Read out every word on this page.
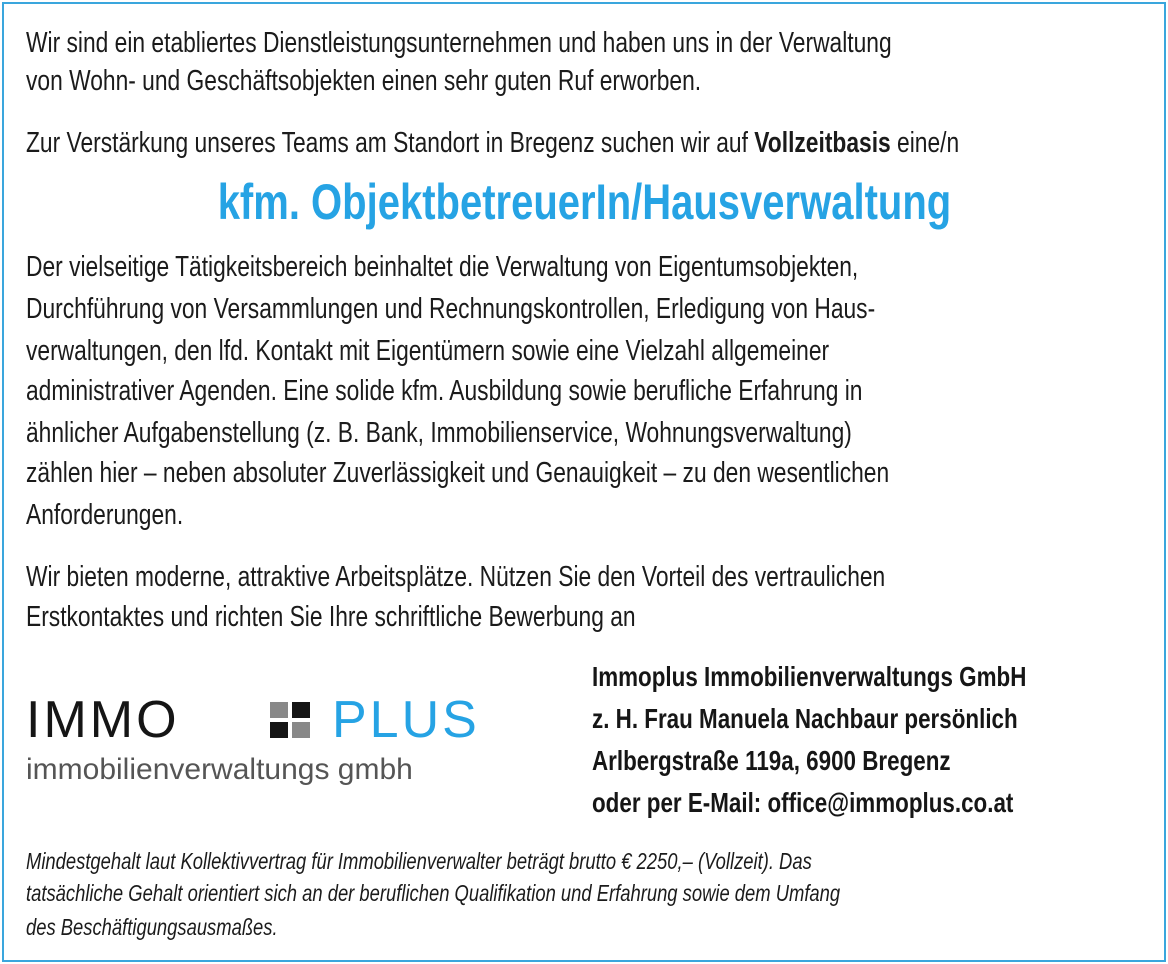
Wir sind ein etabliertes Dienstleistungsunternehmen und haben uns in der Verwaltung
von Wohn- und Geschäftsobjekten einen sehr guten Ruf erworben.
Zur Verstärkung unseres Teams am Standort in Bregenz suchen wir auf Vollzeitbasis eine/n
kfm. ObjektbetreuerIn/Hausverwaltung
Der vielseitige Tätigkeitsbereich beinhaltet die Verwaltung von Eigentumsobjekten,
Durchführung von Versammlungen und Rechnungskontrollen, Erledigung von Haus-
verwaltungen, den lfd. Kontakt mit Eigentümern sowie eine Vielzahl allgemeiner
administrativer Agenden. Eine solide kfm. Ausbildung sowie berufliche Erfahrung in
ähnlicher Aufgabenstellung (z. B. Bank, Immobilienservice, Wohnungsverwaltung)
zählen hier – neben absoluter Zuverlässigkeit und Genauigkeit – zu den wesentlichen
Anforderungen.
Wir bieten moderne, attraktive Arbeitsplätze. Nützen Sie den Vorteil des vertraulichen
Erstkontaktes und richten Sie Ihre schriftliche Bewerbung an
IMMO	PLUS
immobilienverwaltungs gmbh
Immoplus Immobilienverwaltungs GmbH
z. H. Frau Manuela Nachbaur persönlich
Arlbergstraße 119a, 6900 Bregenz
oder per E-Mail: office@immoplus.co.at
Mindestgehalt laut Kollektivvertrag für Immobilienverwalter beträgt brutto € 2250,– (Vollzeit). Das
tatsächliche Gehalt orientiert sich an der beruflichen Qualifikation und Erfahrung sowie dem Umfang
des Beschäftigungsausmaßes.
